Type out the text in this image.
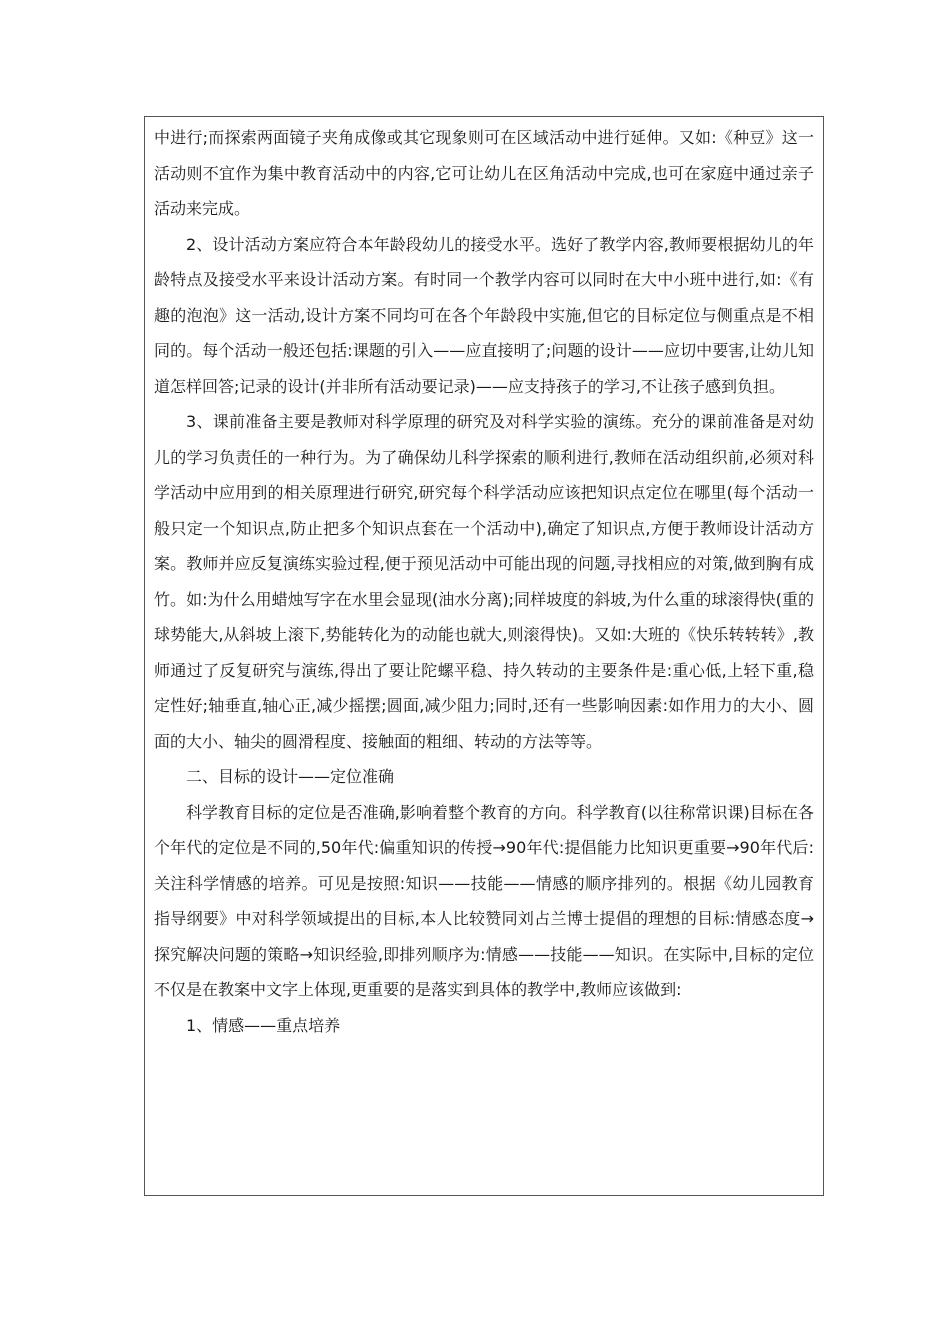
中进行;而探索两面镜子夹角成像或其它现象则可在区域活动中进行延伸。又如:《种豆》这一活动则不宜作为集中教育活动中的内容,它可让幼儿在区角活动中完成,也可在家庭中通过亲子活动来完成。

2、设计活动方案应符合本年龄段幼儿的接受水平。选好了教学内容,教师要根据幼儿的年龄特点及接受水平来设计活动方案。有时同一个教学内容可以同时在大中小班中进行,如:《有趣的泡泡》这一活动,设计方案不同均可在各个年龄段中实施,但它的目标定位与侧重点是不相同的。每个活动一般还包括:课题的引入——应直接明了;问题的设计——应切中要害,让幼儿知道怎样回答;记录的设计(并非所有活动要记录)——应支持孩子的学习,不让孩子感到负担。

3、课前准备主要是教师对科学原理的研究及对科学实验的演练。充分的课前准备是对幼儿的学习负责任的一种行为。为了确保幼儿科学探索的顺利进行,教师在活动组织前,必须对科学活动中应用到的相关原理进行研究,研究每个科学活动应该把知识点定位在哪里(每个活动一般只定一个知识点,防止把多个知识点套在一个活动中),确定了知识点,方便于教师设计活动方案。教师并应反复演练实验过程,便于预见活动中可能出现的问题,寻找相应的对策,做到胸有成竹。如:为什么用蜡烛写字在水里会显现(油水分离);同样坡度的斜坡,为什么重的球滚得快(重的球势能大,从斜坡上滚下,势能转化为的动能也就大,则滚得快)。又如:大班的《快乐转转转》,教师通过了反复研究与演练,得出了要让陀螺平稳、持久转动的主要条件是:重心低,上轻下重,稳定性好;轴垂直,轴心正,减少摇摆;圆面,减少阻力;同时,还有一些影响因素:如作用力的大小、圆面的大小、轴尖的圆滑程度、接触面的粗细、转动的方法等等。

二、目标的设计——定位准确

科学教育目标的定位是否准确,影响着整个教育的方向。科学教育(以往称常识课)目标在各个年代的定位是不同的,50年代:偏重知识的传授→90年代:提倡能力比知识更重要→90年代后:关注科学情感的培养。可见是按照:知识——技能——情感的顺序排列的。根据《幼儿园教育指导纲要》中对科学领域提出的目标,本人比较赞同刘占兰博士提倡的理想的目标:情感态度→探究解决问题的策略→知识经验,即排列顺序为:情感——技能——知识。在实际中,目标的定位不仅是在教案中文字上体现,更重要的是落实到具体的教学中,教师应该做到:

1、情感——重点培养
